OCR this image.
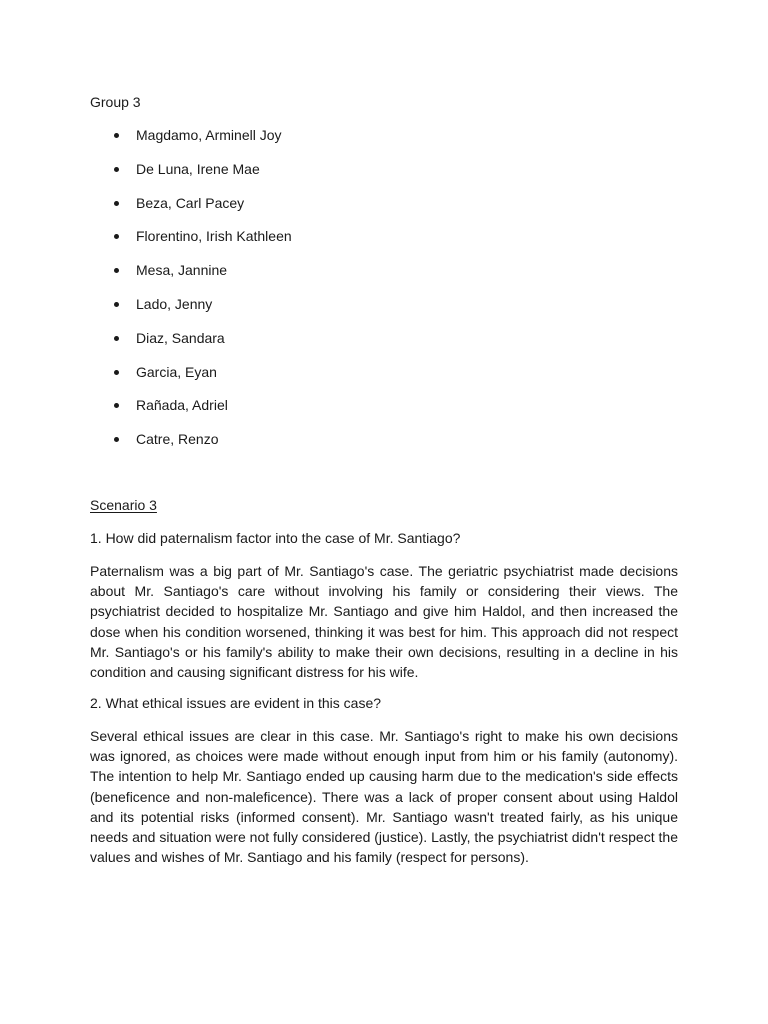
Group 3
Magdamo, Arminell Joy
De Luna, Irene Mae
Beza, Carl Pacey
Florentino, Irish Kathleen
Mesa, Jannine
Lado, Jenny
Diaz, Sandara
Garcia, Eyan
Rañada, Adriel
Catre, Renzo
Scenario 3

1. How did paternalism factor into the case of Mr. Santiago?

Paternalism was a big part of Mr. Santiago's case. The geriatric psychiatrist made decisions about Mr. Santiago's care without involving his family or considering their views. The psychiatrist decided to hospitalize Mr. Santiago and give him Haldol, and then increased the dose when his condition worsened, thinking it was best for him. This approach did not respect Mr. Santiago's or his family's ability to make their own decisions, resulting in a decline in his condition and causing significant distress for his wife.

2. What ethical issues are evident in this case?

Several ethical issues are clear in this case. Mr. Santiago's right to make his own decisions was ignored, as choices were made without enough input from him or his family (autonomy). The intention to help Mr. Santiago ended up causing harm due to the medication's side effects (beneficence and non-maleficence). There was a lack of proper consent about using Haldol and its potential risks (informed consent). Mr. Santiago wasn't treated fairly, as his unique needs and situation were not fully considered (justice). Lastly, the psychiatrist didn't respect the values and wishes of Mr. Santiago and his family (respect for persons).
